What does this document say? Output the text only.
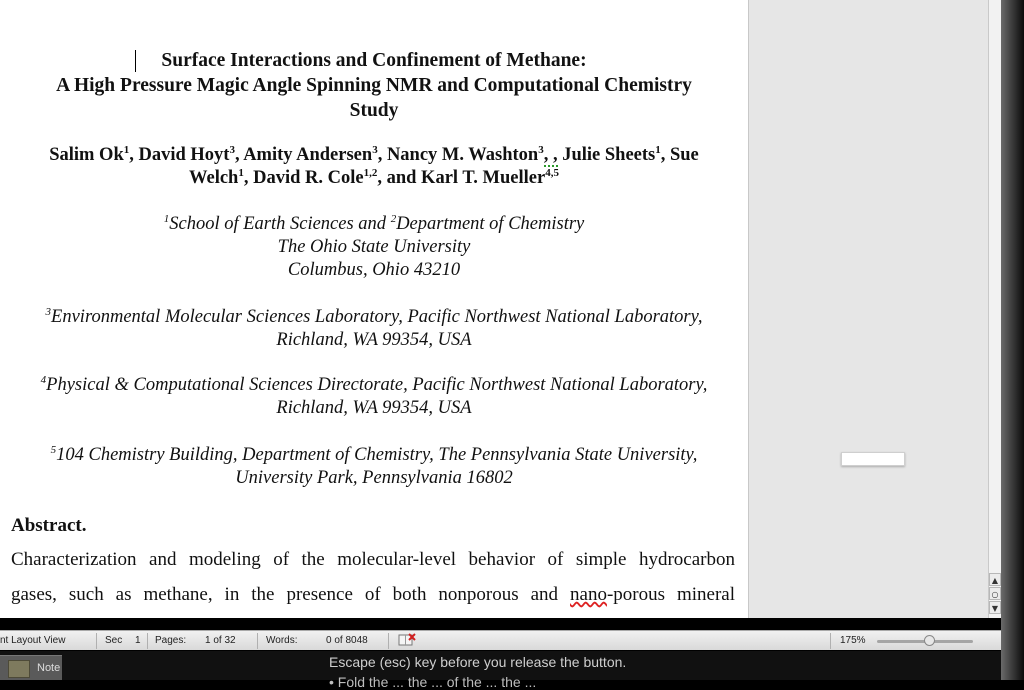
Surface Interactions and Confinement of Methane:
A High Pressure Magic Angle Spinning NMR and Computational Chemistry
Study
Salim Ok$^1$, David Hoyt$^3$, Amity Andersen$^3$, Nancy M. Washton$^3$, , Julie Sheets$^1$, Sue
Welch$^1$, David R. Cole$^{1,2}$, and Karl T. Mueller$^{4,5}$
$^1$School of Earth Sciences and $^2$Department of Chemistry
The Ohio State University
Columbus, Ohio 43210
$^3$Environmental Molecular Sciences Laboratory, Pacific Northwest National Laboratory,
Richland, WA 99354, USA
$^4$Physical & Computational Sciences Directorate, Pacific Northwest National Laboratory,
Richland, WA 99354, USA
$^5$104 Chemistry Building, Department of Chemistry, The Pennsylvania State University,
University Park, Pennsylvania 16802
Abstract.
Characterization and modeling of the molecular-level behavior of simple hydrocarbon
gases, such as methane, in the presence of both nonporous and nano-porous mineral
▲
○
▼
nt Layout View	Sec 1 Pages: 1 of 32	Words:	0 of 8048	175%
Note	Escape (esc) key before you release the button.
• Fold the ... the ... of the ... the ...
